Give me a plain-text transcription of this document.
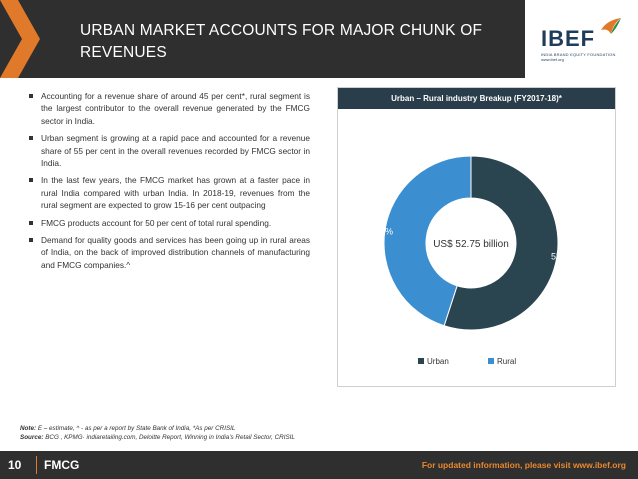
URBAN MARKET ACCOUNTS FOR MAJOR CHUNK OF
REVENUES
IBEF
INDIA BRAND EQUITY FOUNDATION
www.ibef.org
Accounting for a revenue share of around 45 per cent*, rural segment is the largest contributor to the overall revenue generated by the FMCG sector in India.
Urban segment is growing at a rapid pace and accounted for a revenue share of 55 per cent in the overall revenues recorded by FMCG sector in India.
In the last few years, the FMCG market has grown at a faster pace in rural India compared with urban India. In 2018-19, revenues from the rural segment are expected to grow 15-16 per cent outpacing
FMCG products account for 50 per cent of total rural spending.
Demand for quality goods and services has been going up in rural areas of India, on the back of improved distribution channels of manufacturing and FMCG companies.^
Urban – Rural industry Breakup (FY2017-18)*
US$ 52.75 billion
55%
45%
Urban	Rural
Note: E – estimate, ^ - as per a report by State Bank of India, *As per CRISIL
Source: BCG , KPMG· indiaretailing.com, Deloitte Report, Winning in India’s Retail Sector, CRISIL
10 FMCG	For updated information, please visit www.ibef.org
